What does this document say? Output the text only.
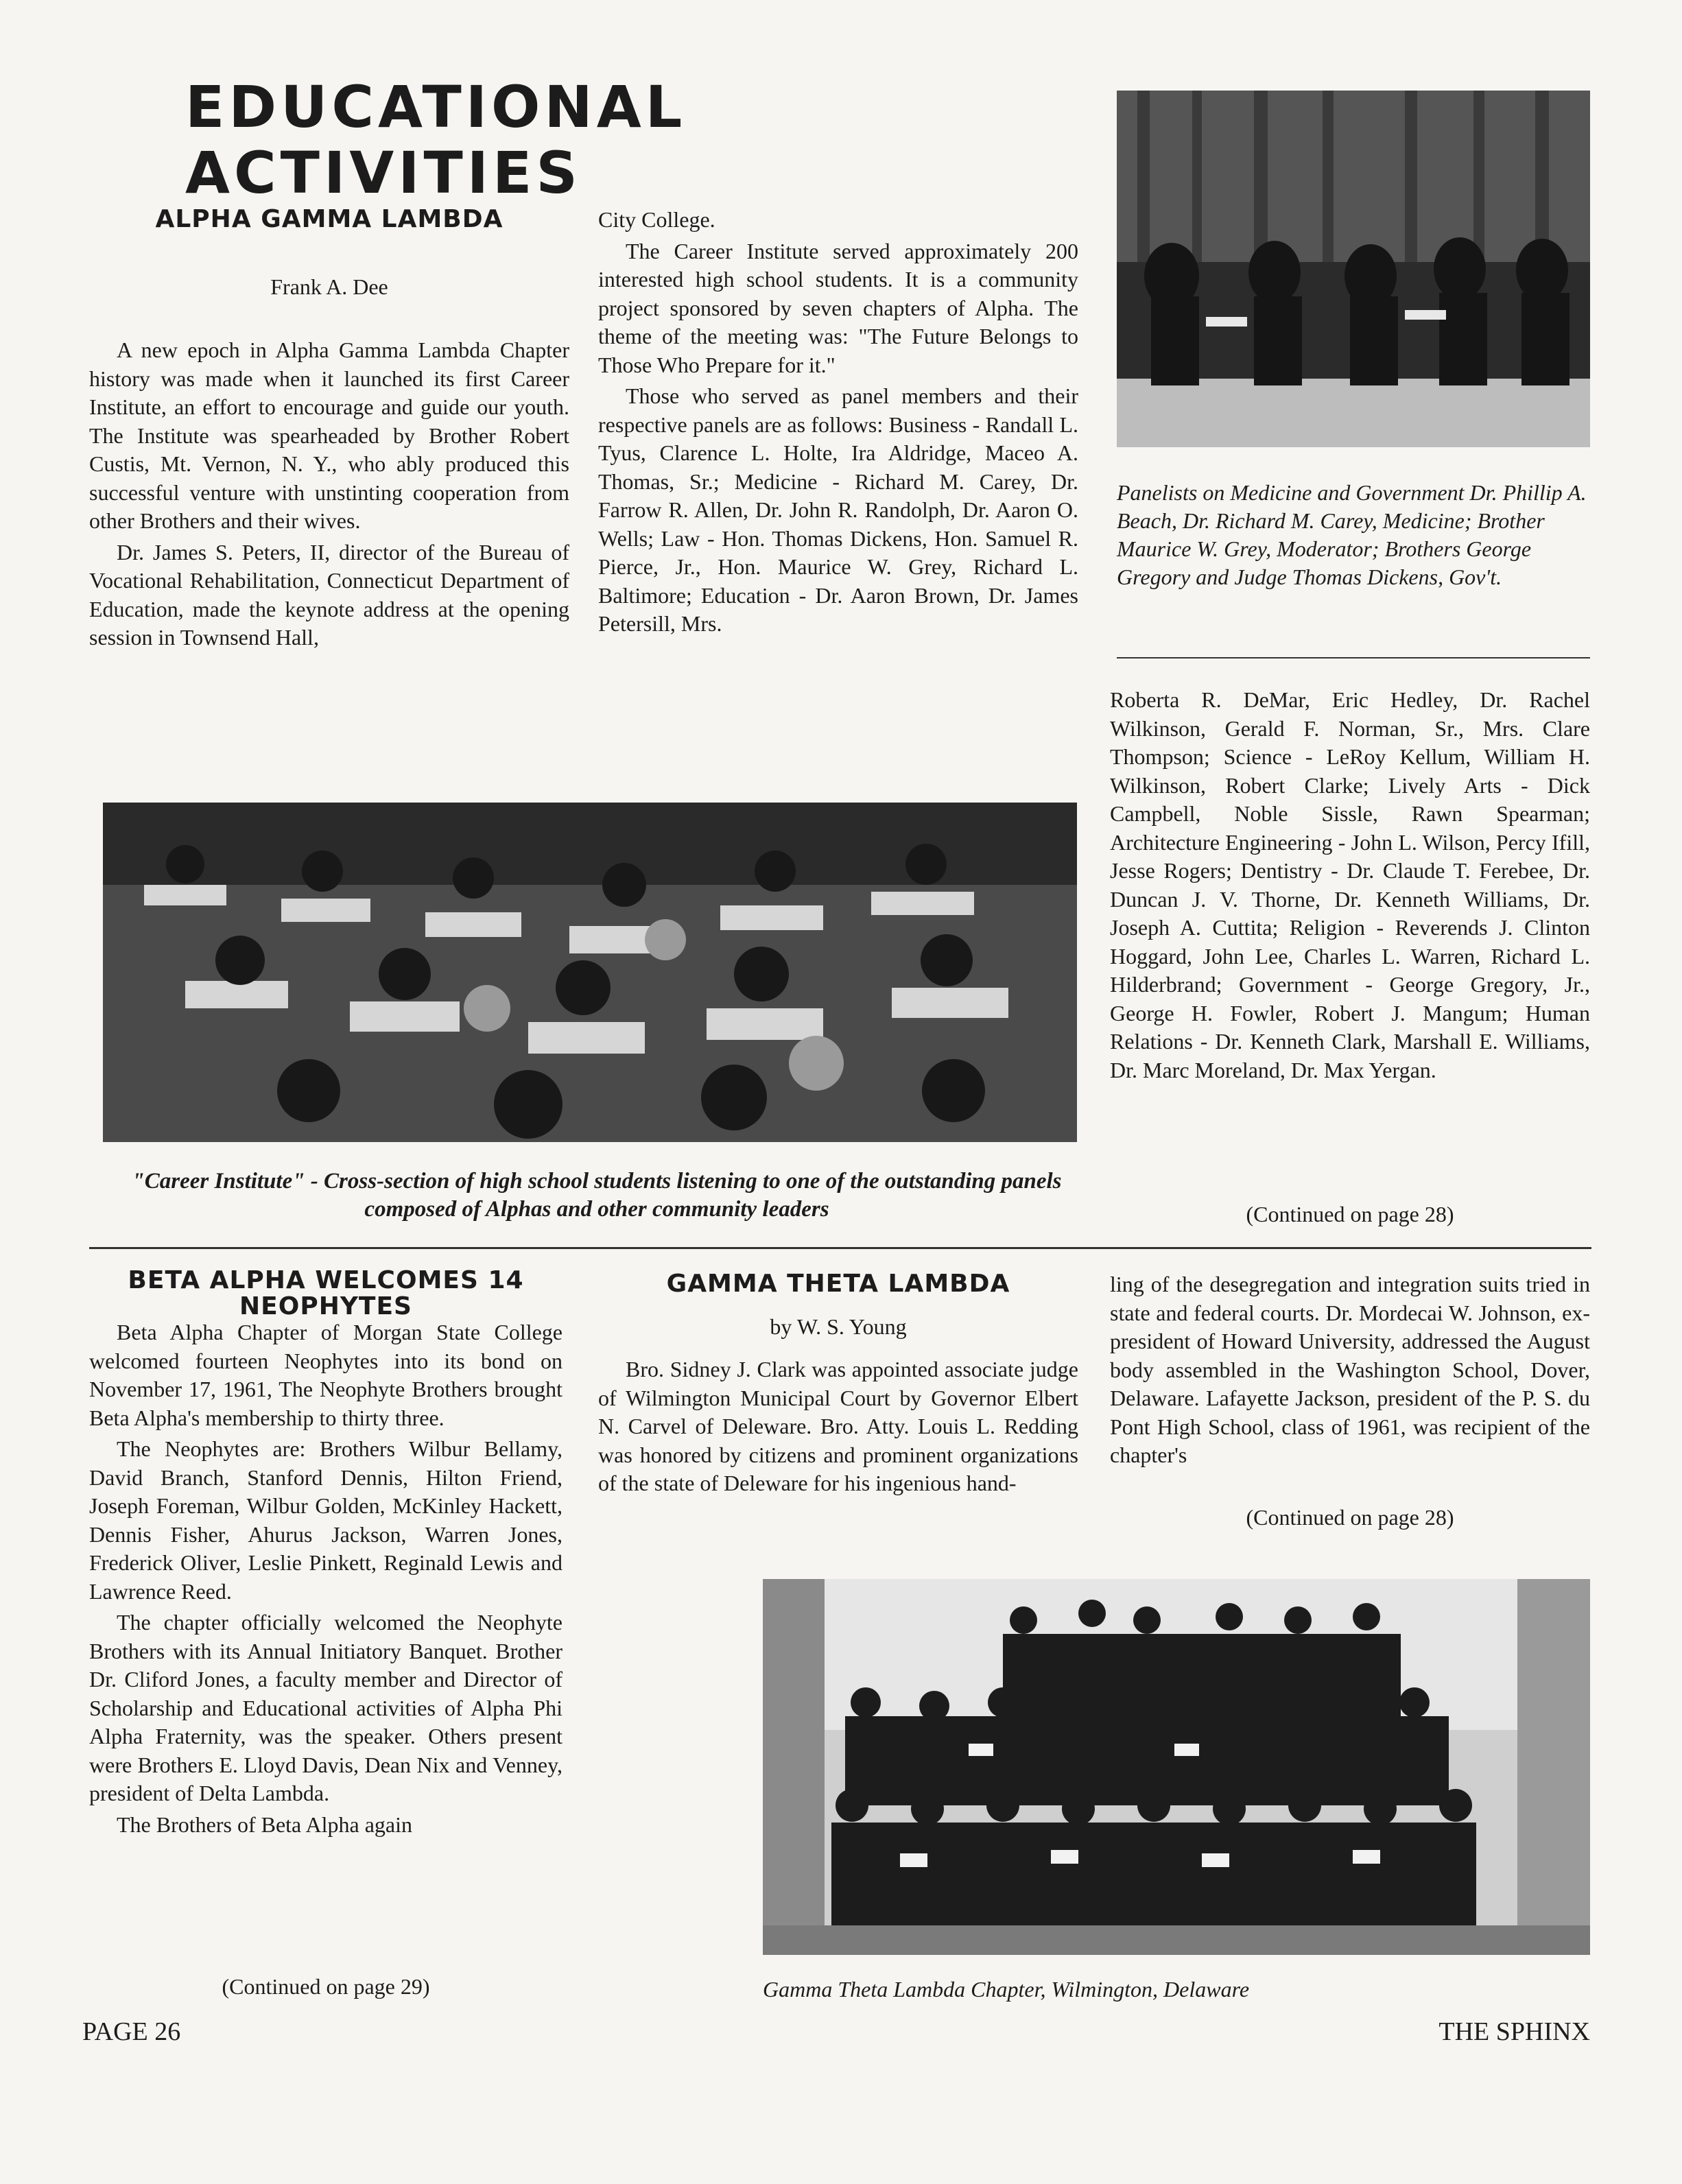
EDUCATIONAL ACTIVITIES
Panelists on Medicine and Government Dr. Phillip A. Beach, Dr. Richard M. Carey, Medicine; Brother Maurice W. Grey, Moderator; Brothers George Gregory and Judge Thomas Dickens, Gov't.
ALPHA GAMMA LAMBDA
Frank A. Dee

A new epoch in Alpha Gamma Lambda Chapter history was made when it launched its first Career Institute, an effort to encourage and guide our youth. The Institute was spearheaded by Brother Robert Custis, Mt. Vernon, N. Y., who ably produced this successful venture with unstinting cooperation from other Brothers and their wives.

Dr. James S. Peters, II, director of the Bureau of Vocational Rehabilitation, Connecticut Department of Education, made the keynote address at the opening session in Townsend Hall,

City College.

The Career Institute served approximately 200 interested high school students. It is a community project sponsored by seven chapters of Alpha. The theme of the meeting was: "The Future Belongs to Those Who Prepare for it."

Those who served as panel members and their respective panels are as follows: Business - Randall L. Tyus, Clarence L. Holte, Ira Aldridge, Maceo A. Thomas, Sr.; Medicine - Richard M. Carey, Dr. Farrow R. Allen, Dr. John R. Randolph, Dr. Aaron O. Wells; Law - Hon. Thomas Dickens, Hon. Samuel R. Pierce, Jr., Hon. Maurice W. Grey, Richard L. Baltimore; Education - Dr. Aaron Brown, Dr. James Petersill, Mrs.

Roberta R. DeMar, Eric Hedley, Dr. Rachel Wilkinson, Gerald F. Norman, Sr., Mrs. Clare Thompson; Science - LeRoy Kellum, William H. Wilkinson, Robert Clarke; Lively Arts - Dick Campbell, Noble Sissle, Rawn Spearman; Architecture Engineering - John L. Wilson, Percy Ifill, Jesse Rogers; Dentistry - Dr. Claude T. Ferebee, Dr. Duncan J. V. Thorne, Dr. Kenneth Williams, Dr. Joseph A. Cuttita; Religion - Reverends J. Clinton Hoggard, John Lee, Charles L. Warren, Richard L. Hilderbrand; Government - George Gregory, Jr., George H. Fowler, Robert J. Mangum; Human Relations - Dr. Kenneth Clark, Marshall E. Williams, Dr. Marc Moreland, Dr. Max Yergan.

(Continued on page 28)
"Career Institute" - Cross-section of high school students listening to one of the outstanding panels composed of Alphas and other community leaders
BETA ALPHA WELCOMES 14 NEOPHYTES

Beta Alpha Chapter of Morgan State College welcomed fourteen Neophytes into its bond on November 17, 1961, The Neophyte Brothers brought Beta Alpha's membership to thirty three.

The Neophytes are: Brothers Wilbur Bellamy, David Branch, Stanford Dennis, Hilton Friend, Joseph Foreman, Wilbur Golden, McKinley Hackett, Dennis Fisher, Ahurus Jackson, Warren Jones, Frederick Oliver, Leslie Pinkett, Reginald Lewis and Lawrence Reed.

The chapter officially welcomed the Neophyte Brothers with its Annual Initiatory Banquet. Brother Dr. Cliford Jones, a faculty member and Director of Scholarship and Educational activities of Alpha Phi Alpha Fraternity, was the speaker. Others present were Brothers E. Lloyd Davis, Dean Nix and Venney, president of Delta Lambda.

The Brothers of Beta Alpha again

(Continued on page 29)
GAMMA THETA LAMBDA
by W. S. Young

Bro. Sidney J. Clark was appointed associate judge of Wilmington Municipal Court by Governor Elbert N. Carvel of Deleware. Bro. Atty. Louis L. Redding was honored by citizens and prominent organizations of the state of Deleware for his ingenious hand-

ling of the desegregation and integration suits tried in state and federal courts. Dr. Mordecai W. Johnson, ex-president of Howard University, addressed the August body assembled in the Washington School, Dover, Delaware. Lafayette Jackson, president of the P. S. du Pont High School, class of 1961, was recipient of the chapter's

(Continued on page 28)
Gamma Theta Lambda Chapter, Wilmington, Delaware
PAGE 26	THE SPHINX
